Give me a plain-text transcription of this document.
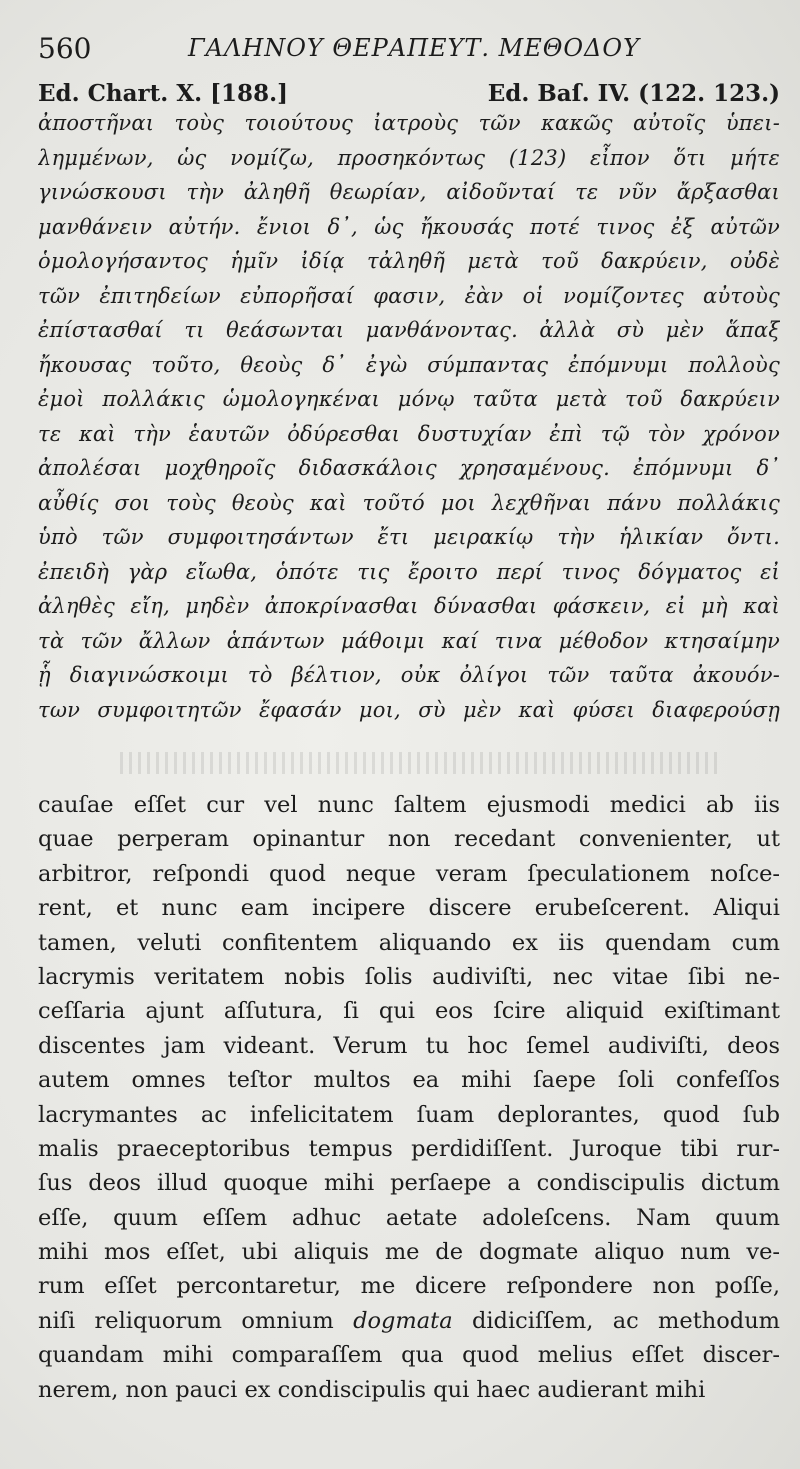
560	ΓΑΛΗΝΟΥ ΘΕΡΑΠΕΥΤ. ΜΕΘΟΔΟΥ
Ed. Chart. X. [188.]	Ed. Baſ. IV. (122. 123.)
ἀποστῆναι τοὺς τοιούτους ἰατροὺς τῶν κακῶς αὐτοῖς ὑπει-
λημμένων, ὡς νομίζω, προσηκόντως (123) εἶπον ὅτι μήτε
γινώσκουσι τὴν ἀληθῆ θεωρίαν, αἰδοῦνταί τε νῦν ἄρξασθαι
μανθάνειν αὐτήν. ἔνιοι δ᾽, ὡς ἤκουσάς ποτέ τινος ἐξ αὐτῶν
ὁμολογήσαντος ἡμῖν ἰδίᾳ τἀληθῆ μετὰ τοῦ δακρύειν, οὐδὲ
τῶν ἐπιτηδείων εὐπορῆσαί φασιν, ἐὰν οἱ νομίζοντες αὐτοὺς
ἐπίστασθαί τι θεάσωνται μανθάνοντας. ἀλλὰ σὺ μὲν ἅπαξ
ἤκουσας τοῦτο, θεοὺς δ᾽ ἐγὼ σύμπαντας ἐπόμνυμι πολλοὺς
ἐμοὶ πολλάκις ὡμολογηκέναι μόνῳ ταῦτα μετὰ τοῦ δακρύειν
τε καὶ τὴν ἑαυτῶν ὀδύρεσθαι δυστυχίαν ἐπὶ τῷ τὸν χρόνον
ἀπολέσαι μοχθηροῖς διδασκάλοις χρησαμένους. ἐπόμνυμι δ᾽
αὖθίς σοι τοὺς θεοὺς καὶ τοῦτό μοι λεχθῆναι πάνυ πολλάκις
ὑπὸ τῶν συμφοιτησάντων ἔτι μειρακίῳ τὴν ἡλικίαν ὄντι.
ἐπειδὴ γὰρ εἴωθα, ὁπότε τις ἔροιτο περί τινος δόγματος εἰ
ἀληθὲς εἴη, μηδὲν ἀποκρίνασθαι δύνασθαι φάσκειν, εἰ μὴ καὶ
τὰ τῶν ἄλλων ἁπάντων μάθοιμι καί τινα μέθοδον κτησαίμην
ᾗ διαγινώσκοιμι τὸ βέλτιον, οὐκ ὀλίγοι τῶν ταῦτα ἀκουόν-
των συμφοιτητῶν ἔφασάν μοι, σὺ μὲν καὶ φύσει διαφερούσῃ
cauſae eſſet cur vel nunc ſaltem ejusmodi medici ab iis
quae perperam opinantur non recedant convenienter, ut
arbitror, reſpondi quod neque veram ſpeculationem noſce-
rent, et nunc eam incipere discere erubeſcerent. Aliqui
tamen, veluti confitentem aliquando ex iis quendam cum
lacrymis veritatem nobis ſolis audiviſti, nec vitae ſibi ne-
ceſſaria ajunt aſſutura, ſi qui eos ſcire aliquid exiſtimant
discentes jam videant. Verum tu hoc ſemel audiviſti, deos
autem omnes teſtor multos ea mihi ſaepe ſoli confeſſos
lacrymantes ac infelicitatem ſuam deplorantes, quod ſub
malis praeceptoribus tempus perdidiſſent. Juroque tibi rur-
ſus deos illud quoque mihi perſaepe a condiscipulis dictum
eſſe, quum eſſem adhuc aetate adoleſcens. Nam quum
mihi mos eſſet, ubi aliquis me de dogmate aliquo num ve-
rum eſſet percontaretur, me dicere reſpondere non poſſe,
niſi reliquorum omnium dogmata didiciſſem, ac methodum
quandam mihi comparaſſem qua quod melius eſſet discer-
nerem, non pauci ex condiscipulis qui haec audierant mihi
